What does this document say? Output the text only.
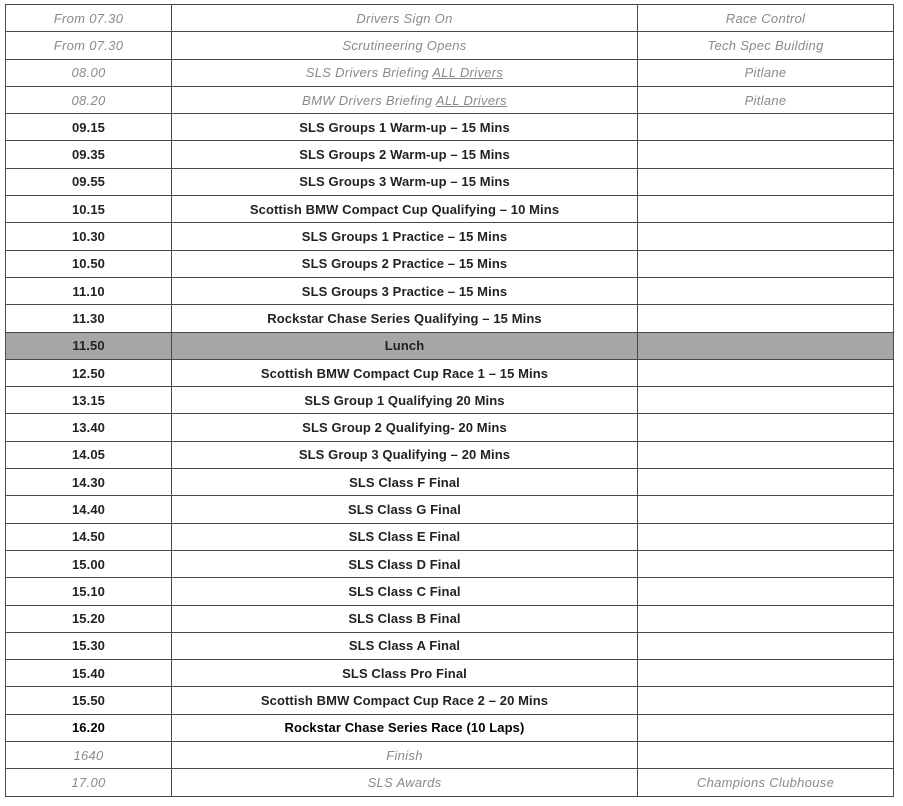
From 07.30	Drivers Sign On	Race Control
From 07.30	Scrutineering Opens	Tech Spec Building
08.00	SLS Drivers Briefing ALL Drivers	Pitlane
08.20	BMW Drivers Briefing ALL Drivers	Pitlane
09.15	SLS Groups 1 Warm-up – 15 Mins	
09.35	SLS Groups 2 Warm-up – 15 Mins	
09.55	SLS Groups 3 Warm-up – 15 Mins	
10.15	Scottish BMW Compact Cup Qualifying – 10 Mins	
10.30	SLS Groups 1 Practice – 15 Mins	
10.50	SLS Groups 2 Practice – 15 Mins	
11.10	SLS Groups 3 Practice – 15 Mins	
11.30	Rockstar Chase Series Qualifying – 15 Mins	
11.50	Lunch	
12.50	Scottish BMW Compact Cup Race 1 – 15 Mins	
13.15	SLS Group 1 Qualifying 20 Mins	
13.40	SLS Group 2 Qualifying- 20 Mins	
14.05	SLS Group 3 Qualifying – 20 Mins	
14.30	SLS Class F Final	
14.40	SLS Class G Final	
14.50	SLS Class E Final	
15.00	SLS Class D Final	
15.10	SLS Class C Final	
15.20	SLS Class B Final	
15.30	SLS Class A Final	
15.40	SLS Class Pro Final	
15.50	Scottish BMW Compact Cup Race 2 – 20 Mins	
16.20	Rockstar Chase Series Race (10 Laps)	
1640	Finish	
17.00	SLS Awards	Champions Clubhouse
